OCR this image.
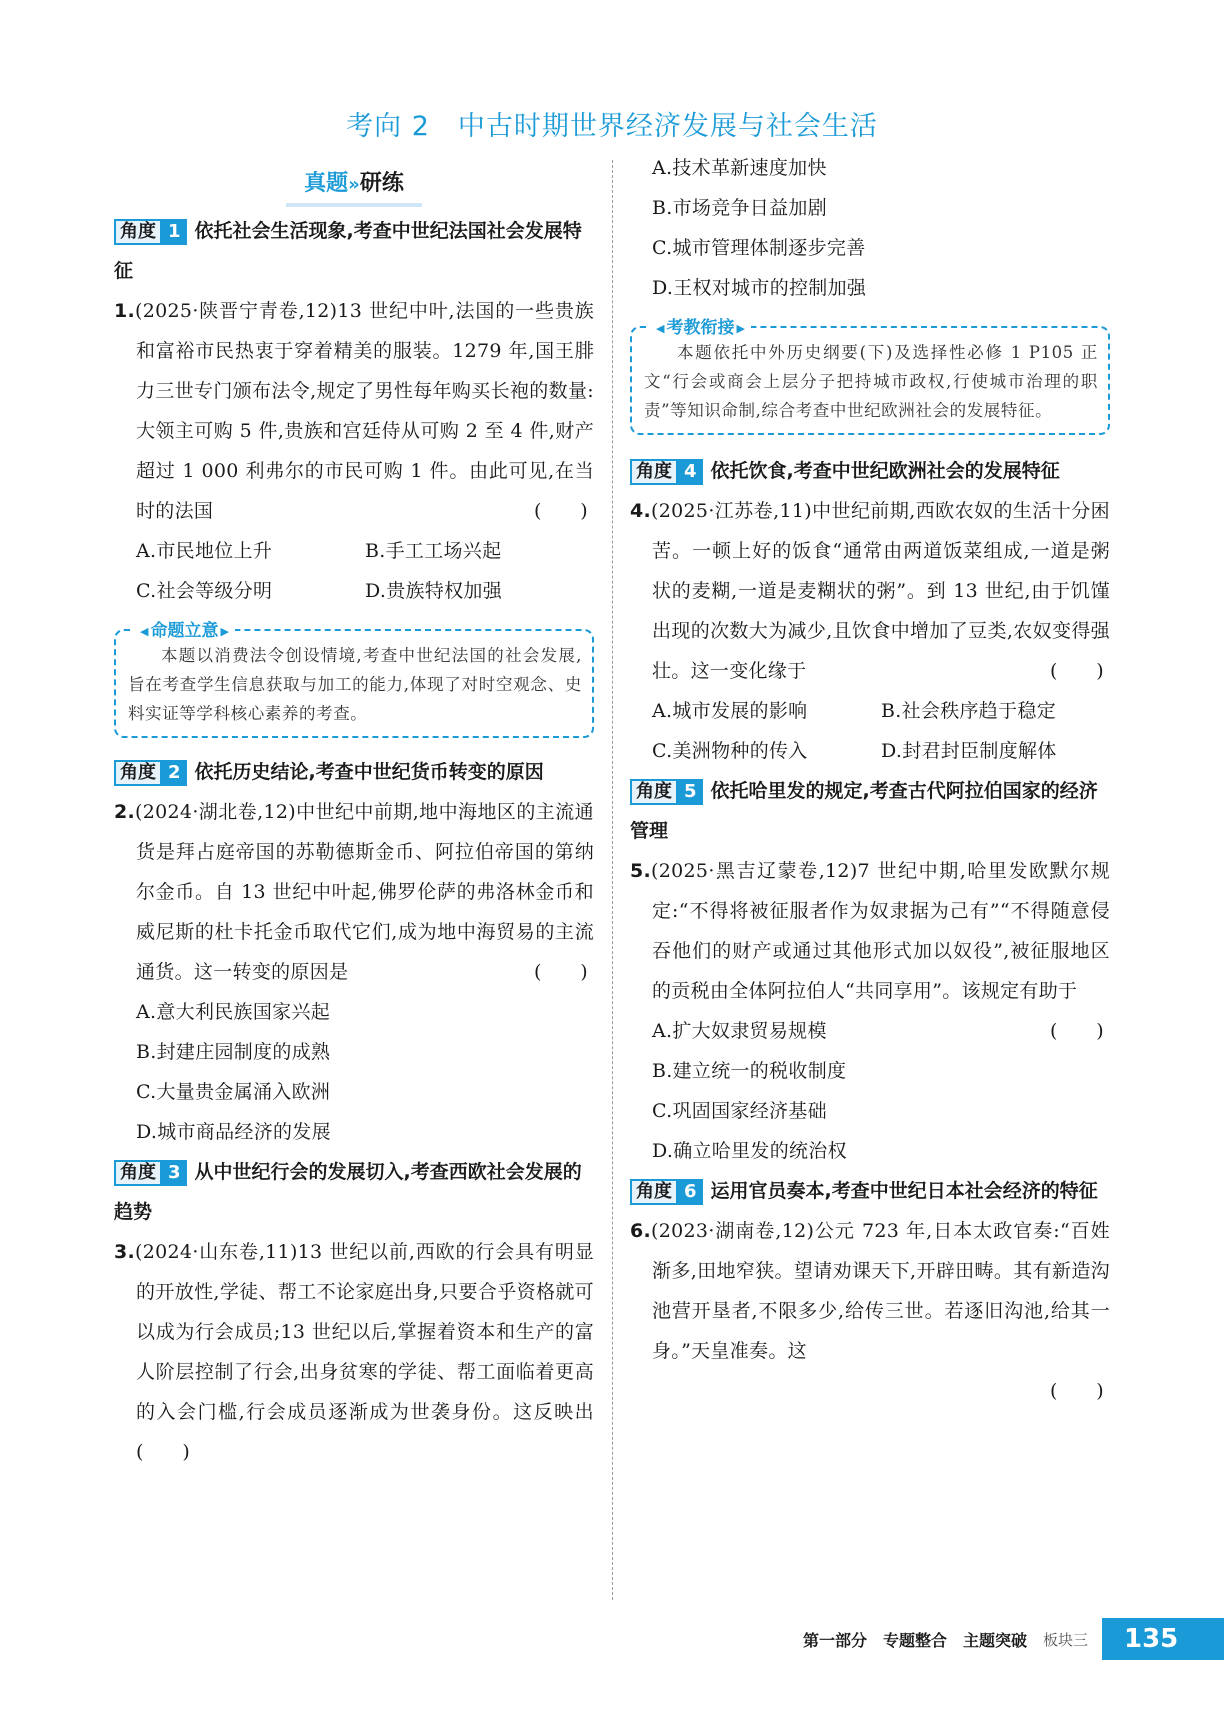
考向 2 中古时期世界经济发展与社会生活
真题»研练
角度 1 依托社会生活现象,考查中世纪法国社会发展特征

1.(2025·陕晋宁青卷,12)13 世纪中叶,法国的一些贵族和富裕市民热衷于穿着精美的服装。1279 年,国王腓力三世专门颁布法令,规定了男性每年购买长袍的数量:大领主可购 5 件,贵族和宫廷侍从可购 2 至 4 件,财产超过 1 000 利弗尔的市民可购 1 件。由此可见,在当时的法国	(　　)

A.市民地位上升	B.手工工场兴起
C.社会等级分明	D.贵族特权加强
◀ 命题立意 ▶
本题以消费法令创设情境,考查中世纪法国的社会发展,旨在考查学生信息获取与加工的能力,体现了对时空观念、史料实证等学科核心素养的考查。
角度 2 依托历史结论,考查中世纪货币转变的原因

2.(2024·湖北卷,12)中世纪中前期,地中海地区的主流通货是拜占庭帝国的苏勒德斯金币、阿拉伯帝国的第纳尔金币。自 13 世纪中叶起,佛罗伦萨的弗洛林金币和威尼斯的杜卡托金币取代它们,成为地中海贸易的主流通货。这一转变的原因是	(　　)

A.意大利民族国家兴起
B.封建庄园制度的成熟
C.大量贵金属涌入欧洲
D.城市商品经济的发展
角度 3 从中世纪行会的发展切入,考查西欧社会发展的趋势

3.(2024·山东卷,11)13 世纪以前,西欧的行会具有明显的开放性,学徒、帮工不论家庭出身,只要合乎资格就可以成为行会成员;13 世纪以后,掌握着资本和生产的富人阶层控制了行会,出身贫寒的学徒、帮工面临着更高的入会门槛,行会成员逐渐成为世袭身份。这反映出(　　)

A.技术革新速度加快
B.市场竞争日益加剧
C.城市管理体制逐步完善
D.王权对城市的控制加强
◀ 考教衔接 ▶
本题依托中外历史纲要(下)及选择性必修 1 P105 正文“行会或商会上层分子把持城市政权,行使城市治理的职责”等知识命制,综合考查中世纪欧洲社会的发展特征。
角度 4 依托饮食,考查中世纪欧洲社会的发展特征

4.(2025·江苏卷,11)中世纪前期,西欧农奴的生活十分困苦。一顿上好的饭食“通常由两道饭菜组成,一道是粥状的麦糊,一道是麦糊状的粥”。到 13 世纪,由于饥馑出现的次数大为减少,且饮食中增加了豆类,农奴变得强壮。这一变化缘于	(　　)

A.城市发展的影响	B.社会秩序趋于稳定
C.美洲物种的传入	D.封君封臣制度解体
角度 5 依托哈里发的规定,考查古代阿拉伯国家的经济管理

5.(2025·黑吉辽蒙卷,12)7 世纪中期,哈里发欧默尔规定:“不得将被征服者作为奴隶据为己有”“不得随意侵吞他们的财产或通过其他形式加以奴役”,被征服地区的贡税由全体阿拉伯人“共同享用”。该规定有助于
(　　)

A.扩大奴隶贸易规模
B.建立统一的税收制度
C.巩固国家经济基础
D.确立哈里发的统治权
角度 6 运用官员奏本,考查中世纪日本社会经济的特征

6.(2023·湖南卷,12)公元 723 年,日本太政官奏:“百姓渐多,田地窄狭。望请劝课天下,开辟田畴。其有新造沟池营开垦者,不限多少,给传三世。若逐旧沟池,给其一身。”天皇准奏。这

(　　)
第一部分　专题整合　主题突破 板块三	135
